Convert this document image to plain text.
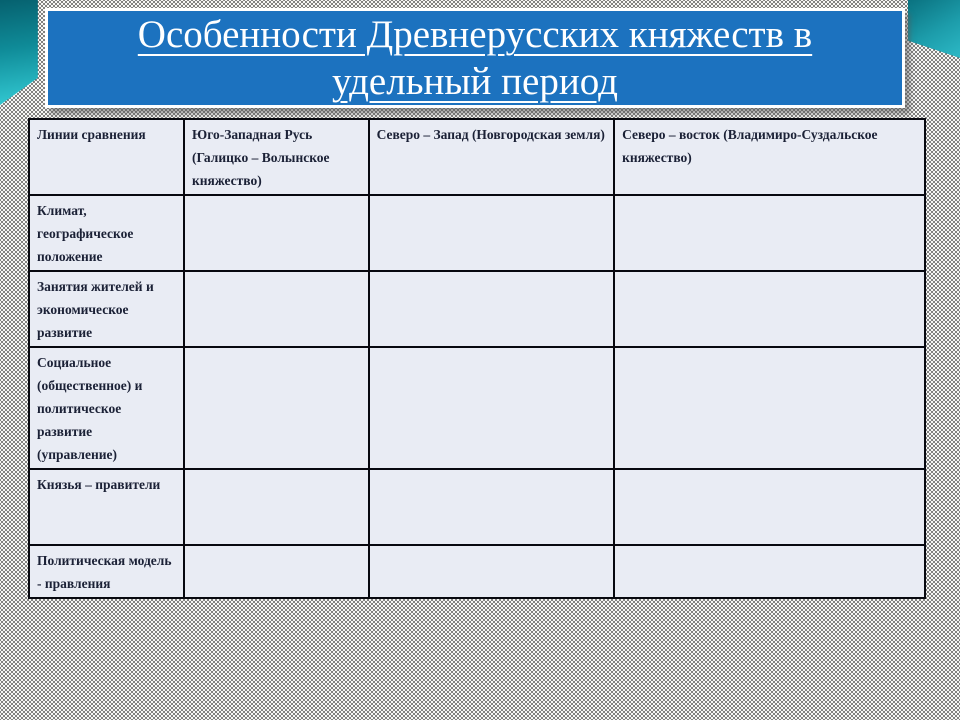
Особенности Древнерусских княжеств в удельный период
Линии сравнения	Юго-Западная Русь (Галицко – Волынское княжество)	Северо – Запад (Новгородская земля)	Северо – восток (Владимиро-Суздальское княжество)
Климат, географическое положение			
Занятия жителей и экономическое развитие			
Социальное (общественное) и политическое развитие (управление)			
Князья – правители			
Политическая модель - правления			
